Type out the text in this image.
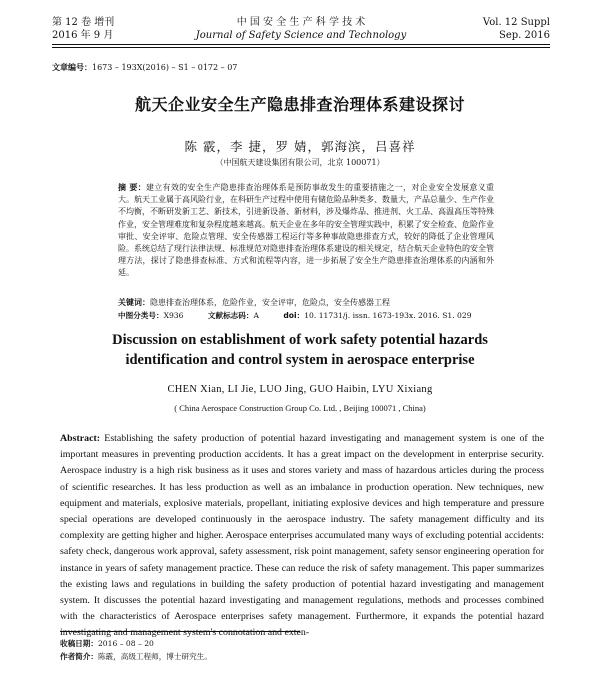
第 12 卷 增刊
2016 年 9 月
中 国 安 全 生 产 科 学 技 术
Journal of Safety Science and Technology
Vol. 12 Suppl
Sep. 2016
文章编号：1673 – 193X(2016) – S1 – 0172 – 07
航天企业安全生产隐患排查治理体系建设探讨
陈 霰，李 捷，罗 婧，郭海滨，吕喜祥
（中国航天建设集团有限公司，北京 100071）
摘 要：建立有效的安全生产隐患排查治理体系是预防事故发生的重要措施之一，对企业安全发展意义重大。航天工业属于高风险行业，在科研生产过程中使用有储危险品种类多、数量大，产品总量少、生产作业不均衡，不断研发新工艺、新技术，引进新设备、新材料，涉及爆炸品、推进剂、火工品、高温高压等特殊作业，安全管理难度和复杂程度越来越高。航天企业在多年的安全管理实践中，积累了安全检查、危险作业审批、安全评审、危险点管理、安全传感器工程运行等多种事故隐患排查方式，较好的降低了企业管理风险。系统总结了现行法律法规、标准规范对隐患排查治理体系建设的相关规定，结合航天企业特色的安全管理方法，探讨了隐患排查标准、方式和流程等内容，进一步拓展了安全生产隐患排查治理体系的内涵和外延。
关键词：隐患排查治理体系，危险作业，安全评审，危险点，安全传感器工程
中图分类号：X936	文献标志码：A	doi：10. 11731/j. issn. 1673-193x. 2016. S1. 029
Discussion on establishment of work safety potential hazards identification and control system in aerospace enterprise
CHEN Xian, LI Jie, LUO Jing, GUO Haibin, LYU Xixiang
( China Aerospace Construction Group Co. Ltd. , Beijing 100071 , China)
Abstract: Establishing the safety production of potential hazard investigating and management system is one of the important measures in preventing production accidents. It has a great impact on the development in enterprise security. Aerospace industry is a high risk business as it uses and stores variety and mass of hazardous articles during the process of scientific researches. It has less production as well as an imbalance in production operation. New techniques, new equipment and materials, explosive materials, propellant, initiating explosive devices and high temperature and pressure special operations are developed continuously in the aerospace industry. The safety management difficulty and its complexity are getting higher and higher. Aerospace enterprises accumulated many ways of excluding potential accidents: safety check, dangerous work approval, safety assessment, risk point management, safety sensor engineering operation for instance in years of safety management practice. These can reduce the risk of safety management. This paper summarizes the existing laws and regulations in building the safety production of potential hazard investigating and management system. It discusses the potential hazard investigating and management regulations, methods and processes combined with the characteristics of Aerospace enterprises safety management. Furthermore, it expands the potential hazard investigating and management system's connotation and exten-
收稿日期：2016 – 08 – 20
作者简介：陈霰，高级工程师，博士研究生。
